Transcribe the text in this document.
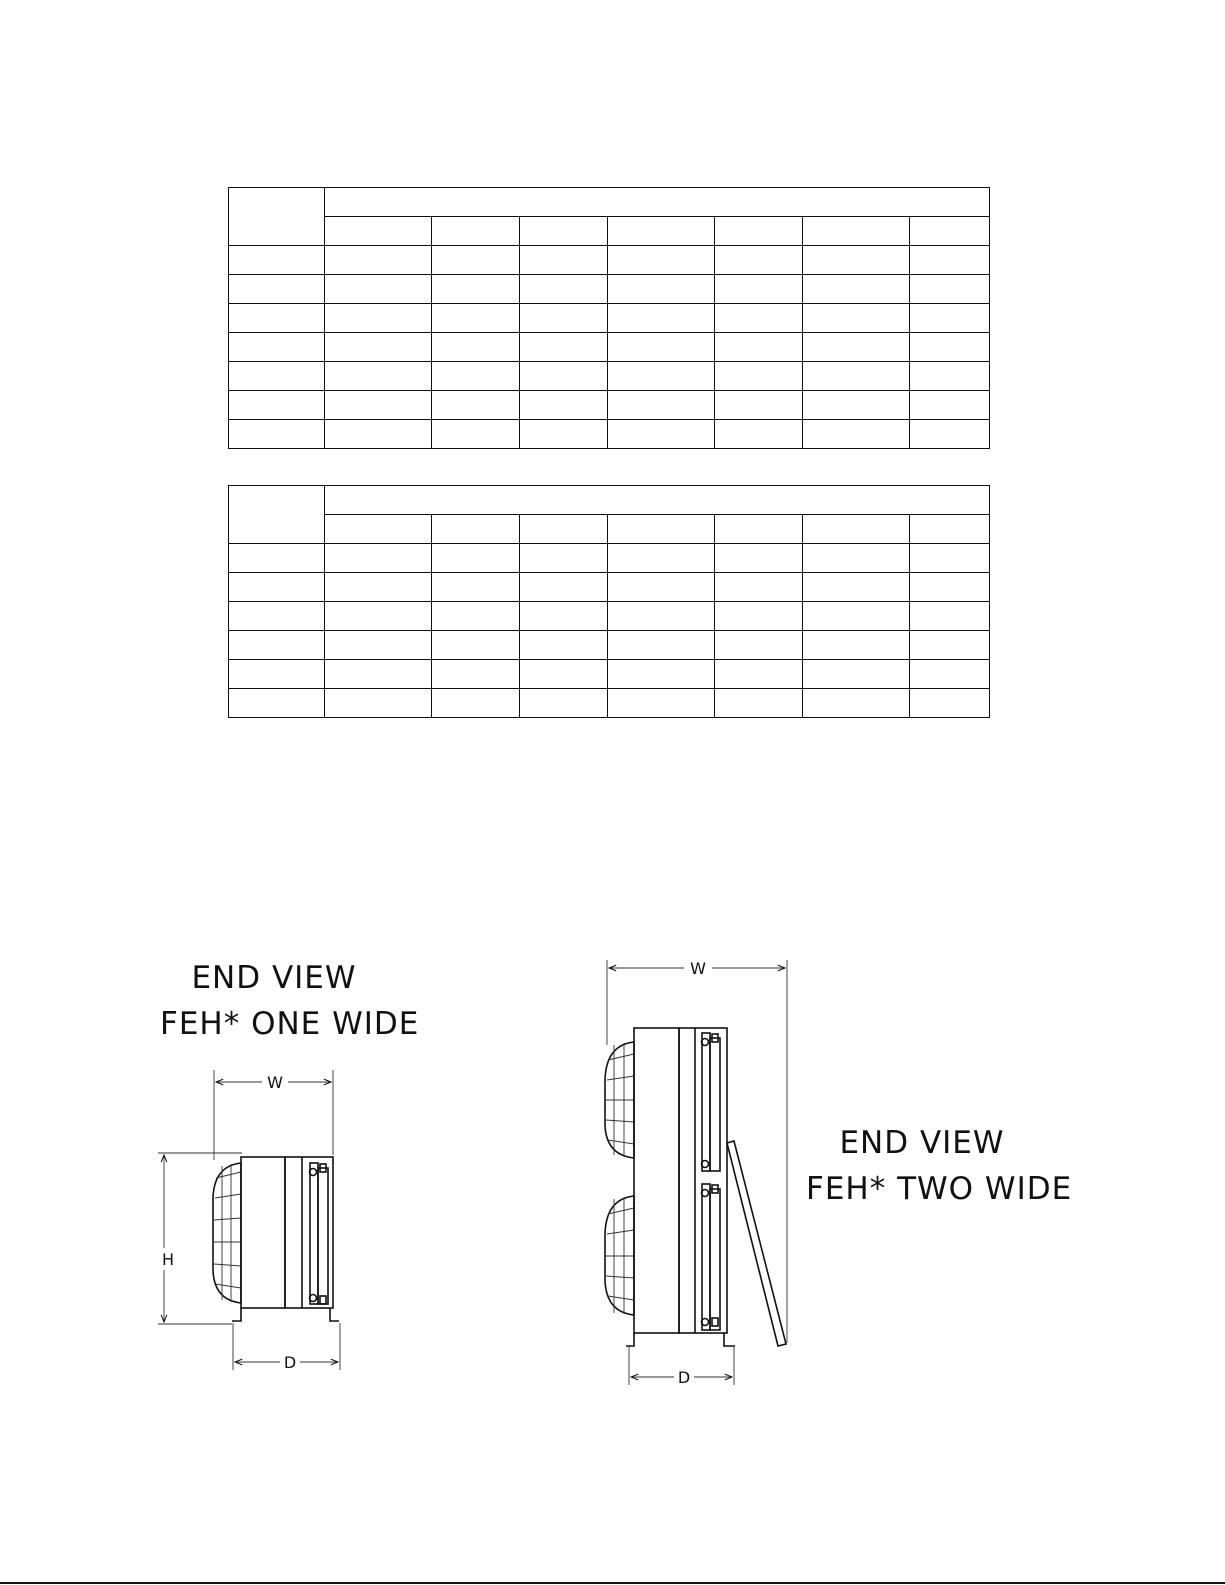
END VIEW
FEH* ONE WIDE
END VIEW
FEH* TWO WIDE
W
H
D
W
D
